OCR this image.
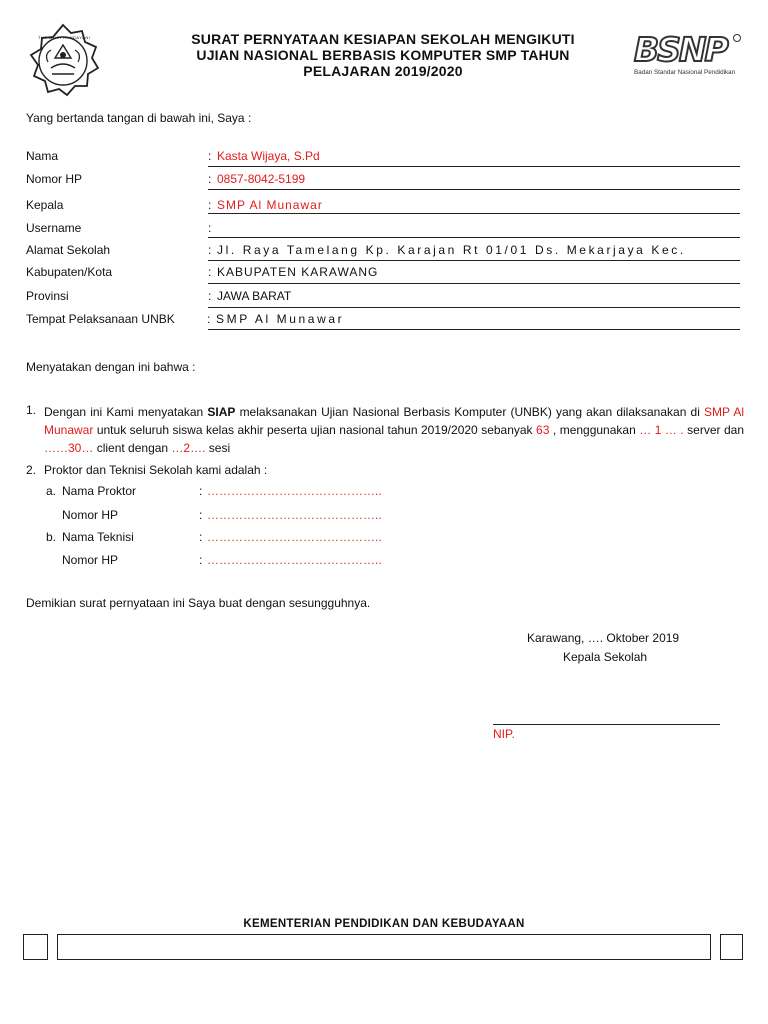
TUT WURI HANDAYANI	SURAT PERNYATAAN KESIAPAN SEKOLAH MENGIKUTI
UJIAN NASIONAL BERBASIS KOMPUTER SMP TAHUN
PELAJARAN 2019/2020
BSNP
Badan Standar Nasional Pendidikan
Yang bertanda tangan di bawah ini, Saya :
Nama	: Kasta Wijaya, S.Pd
Nomor HP	: 0857-8042-5199
Kepala	: SMP Al Munawar
Username	:
Alamat Sekolah	: Jl. Raya Tamelang Kp. Karajan Rt 01/01 Ds. Mekarjaya Kec.
Kabupaten/Kota	: KABUPATEN KARAWANG
Provinsi	: JAWA BARAT
Tempat Pelaksanaan UNBK	: SMP Al Munawar
Menyatakan dengan ini bahwa :
1. Dengan ini Kami menyatakan SIAP melaksanakan Ujian Nasional Berbasis Komputer (UNBK) yang akan dilaksanakan di SMP Al Munawar untuk seluruh siswa kelas akhir peserta ujian nasional tahun 2019/2020 sebanyak 63 , menggunakan … 1 … . server dan ……30… client dengan …2…. sesi
2. Proktor dan Teknisi Sekolah kami adalah :
a. Nama Proktor	: ……………………………………..
Nomor HP	: ……………………………………..
b. Nama Teknisi	: ……………………………………..
Nomor HP	: ……………………………………..
Demikian surat pernyataan ini Saya buat dengan sesungguhnya.
Karawang, …. Oktober 2019
Kepala Sekolah
NIP.
KEMENTERIAN PENDIDIKAN DAN KEBUDAYAAN
